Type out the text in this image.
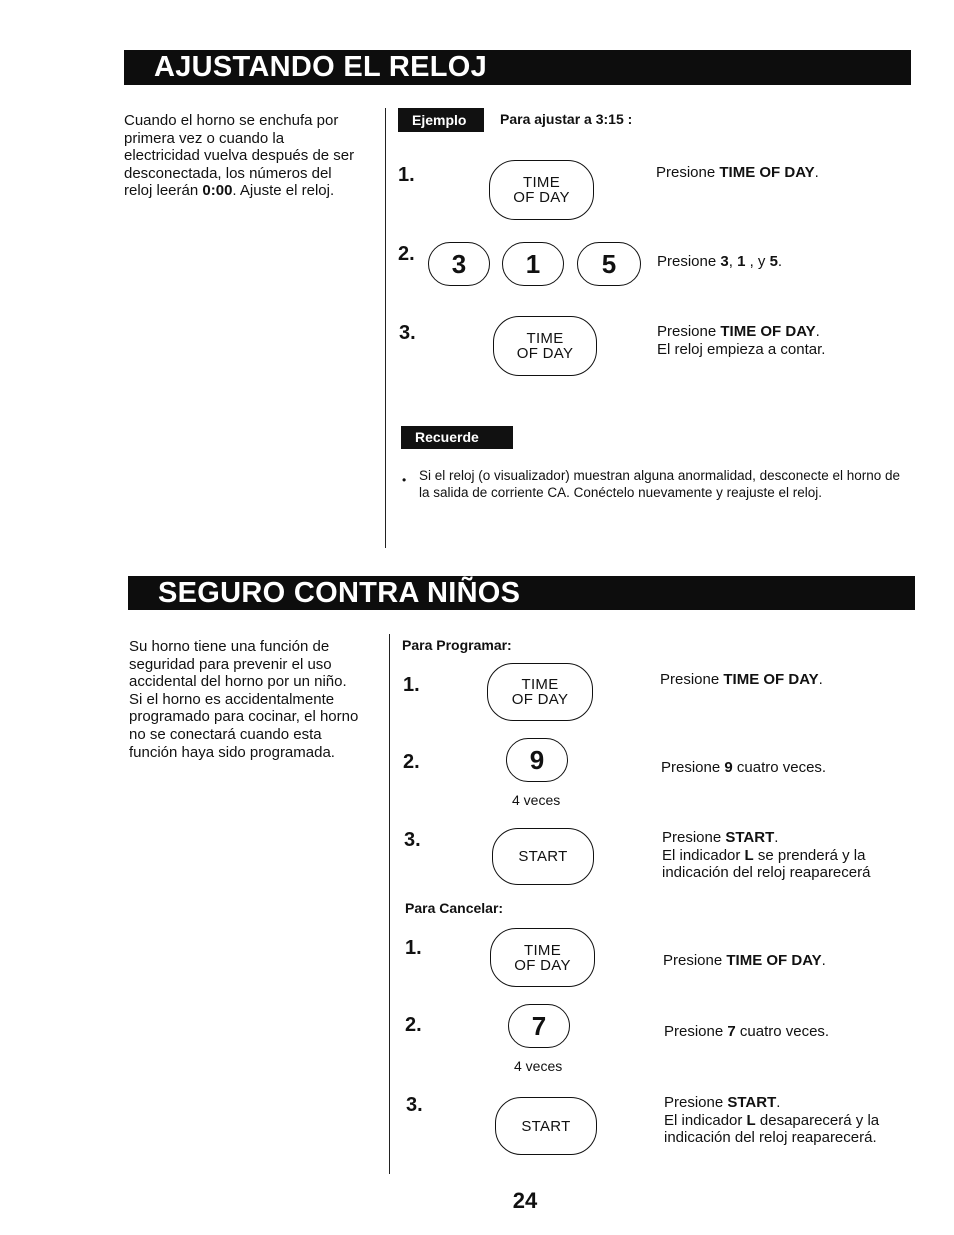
AJUSTANDO EL RELOJ
Cuando el horno se enchufa por primera vez o cuando la electricidad vuelva después de ser desconectada, los números del reloj leerán 0:00. Ajuste el reloj.
Ejemplo	Para ajustar a 3:15 :
1.	TIME
OF DAY
Presione TIME OF DAY.
2.	3	1	5	Presione 3, 1 , y 5.
3.	TIME
OF DAY
Presione TIME OF DAY.
El reloj empieza a contar.
Recuerde
• Si el reloj (o visualizador) muestran alguna anormalidad, desconecte el horno de la salida de corriente CA. Conéctelo nuevamente y reajuste el reloj.
SEGURO CONTRA NIÑOS
Su horno tiene una función de seguridad para prevenir el uso accidental del horno por un niño.
Si el horno es accidentalmente programado para cocinar, el horno no se conectará cuando esta función haya sido programada.
Para Programar:
1.	TIME
OF DAY
Presione TIME OF DAY.
2.	9
4 veces
Presione 9 cuatro veces.
3.
START
Presione START.
El indicador L se prenderá y la indicación del reloj reaparecerá
Para Cancelar:
1.	TIME
OF DAY	Presione TIME OF DAY.
2.	7
4 veces
Presione 7 cuatro veces.
3.
START
Presione START.
El indicador L desaparecerá y la indicación del reloj reaparecerá.
24
